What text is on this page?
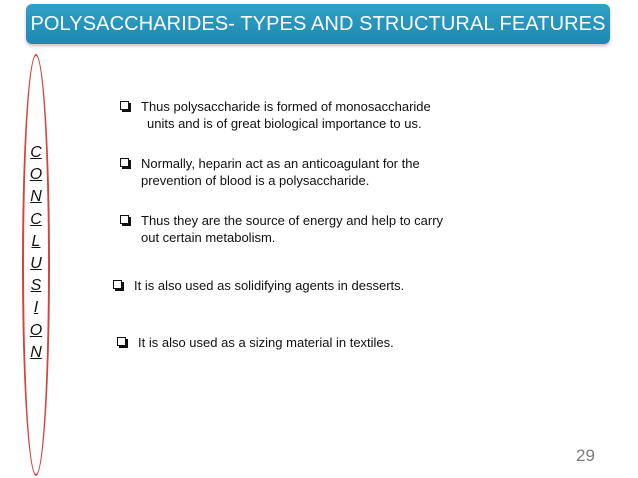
POLYSACCHARIDES- TYPES AND STRUCTURAL FEATURES
C
O
N
C
L
U
S
I
O
N
Thus polysaccharide is formed of monosaccharide
units and is of great biological importance to us.
Normally, heparin act as an anticoagulant for the
prevention of blood is a polysaccharide.
Thus they are the source of energy and help to carry
out certain metabolism.
It is also used as solidifying agents in desserts.
It is also used as a sizing material in textiles.
29
